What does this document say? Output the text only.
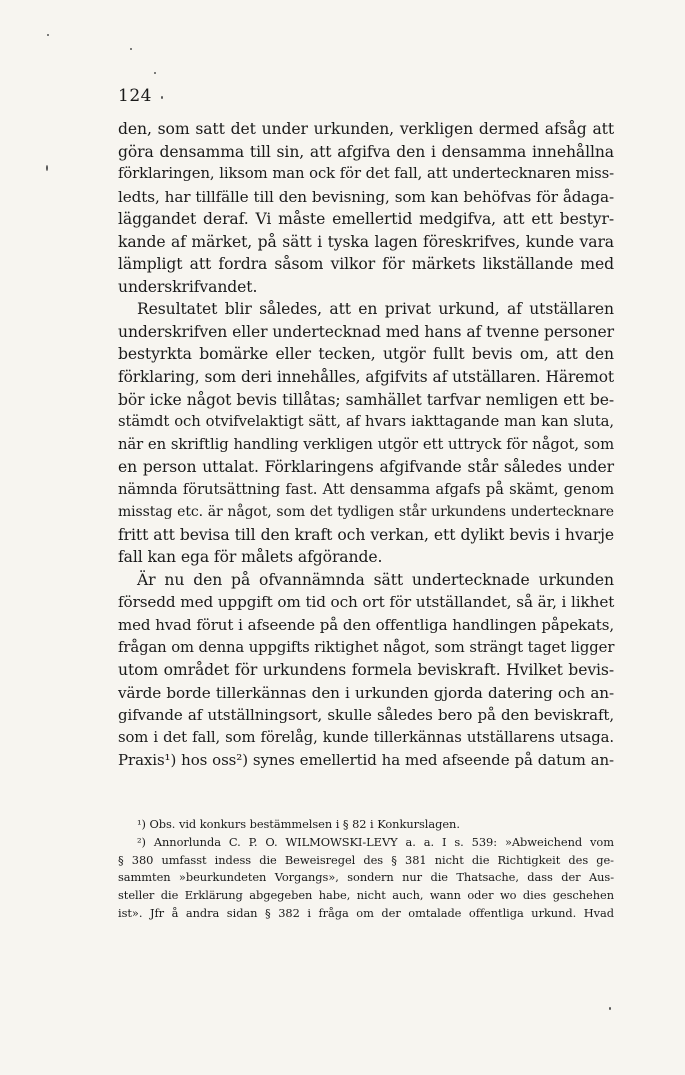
124
den, som satt det under urkunden, verkligen dermed afsåg att
göra densamma till sin, att afgifva den i densamma innehållna
förklaringen, liksom man ock för det fall, att undertecknaren miss-
ledts, har tillfälle till den bevisning, som kan behöfvas för ådaga-
läggandet deraf. Vi måste emellertid medgifva, att ett bestyr-
kande af märket, på sätt i tyska lagen föreskrifves, kunde vara
lämpligt att fordra såsom vilkor för märkets likställande med
underskrifvandet.
Resultatet blir således, att en privat urkund, af utställaren
underskrifven eller undertecknad med hans af tvenne personer
bestyrkta bomärke eller tecken, utgör fullt bevis om, att den
förklaring, som deri innehålles, afgifvits af utställaren. Häremot
bör icke något bevis tillåtas; samhället tarfvar nemligen ett be-
stämdt och otvifvelaktigt sätt, af hvars iakttagande man kan sluta,
när en skriftlig handling verkligen utgör ett uttryck för något, som
en person uttalat. Förklaringens afgifvande står således under
nämnda förutsättning fast. Att densamma afgafs på skämt, genom
misstag etc. är något, som det tydligen står urkundens undertecknare
fritt att bevisa till den kraft och verkan, ett dylikt bevis i hvarje
fall kan ega för målets afgörande.
Är nu den på ofvannämnda sätt undertecknade urkunden
försedd med uppgift om tid och ort för utställandet, så är, i likhet
med hvad förut i afseende på den offentliga handlingen påpekats,
frågan om denna uppgifts riktighet något, som strängt taget ligger
utom området för urkundens formela beviskraft. Hvilket bevis-
värde borde tillerkännas den i urkunden gjorda datering och an-
gifvande af utställningsort, skulle således bero på den beviskraft,
som i det fall, som förelåg, kunde tillerkännas utställarens utsaga.
Praxis¹) hos oss²) synes emellertid ha med afseende på datum an-
¹) Obs. vid konkurs bestämmelsen i § 82 i Konkurslagen.
²) Annorlunda C. P. O. WILMOWSKI-LEVY a. a. I s. 539: »Abweichend vom
§ 380 umfasst indess die Beweisregel des § 381 nicht die Richtigkeit des ge-
sammten »beurkundeten Vorgangs», sondern nur die Thatsache, dass der Aus-
steller die Erklärung abgegeben habe, nicht auch, wann oder wo dies geschehen
ist». Jfr å andra sidan § 382 i fråga om der omtalade offentliga urkund. Hvad
